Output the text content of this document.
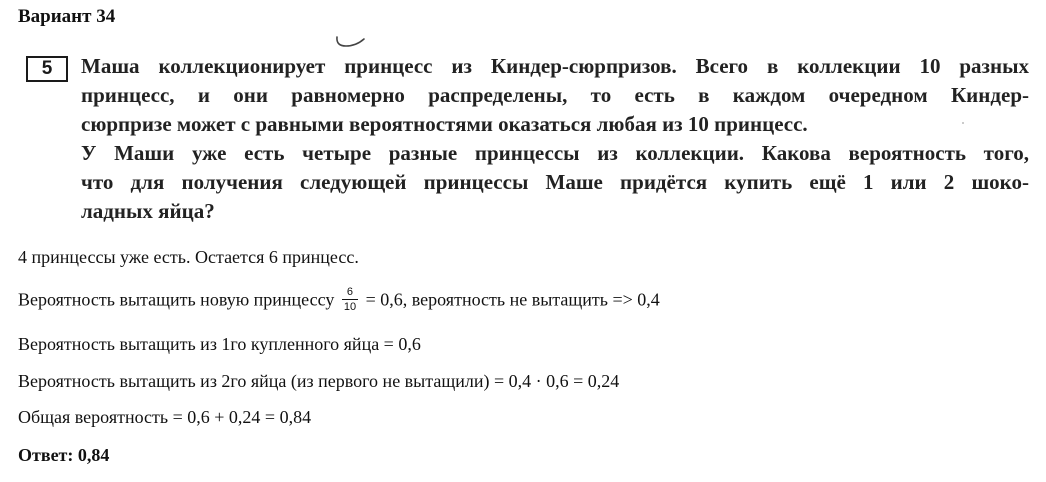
Вариант 34
5	Маша коллекционирует принцесс из Киндер-сюрпризов. Всего в коллекции 10 разных
принцесс, и они равномерно распределены, то есть в каждом очередном Киндер-
сюрпризе может с равными вероятностями оказаться любая из 10 принцесс.
У Маши уже есть четыре разные принцессы из коллекции. Какова вероятность того,
что для получения следующей принцессы Маше придётся купить ещё 1 или 2 шоко-
ладных яйца?
4 принцессы уже есть. Остается 6 принцесс.
Вероятность вытащить новую принцессу $\frac{6}{10} = 0,6$, вероятность не вытащить => 0,4
Вероятность вытащить из 1го купленного яйца = 0,6
Вероятность вытащить из 2го яйца (из первого не вытащили) = 0,4 · 0,6 = 0,24
Общая вероятность = 0,6 + 0,24 = 0,84
Ответ: 0,84
